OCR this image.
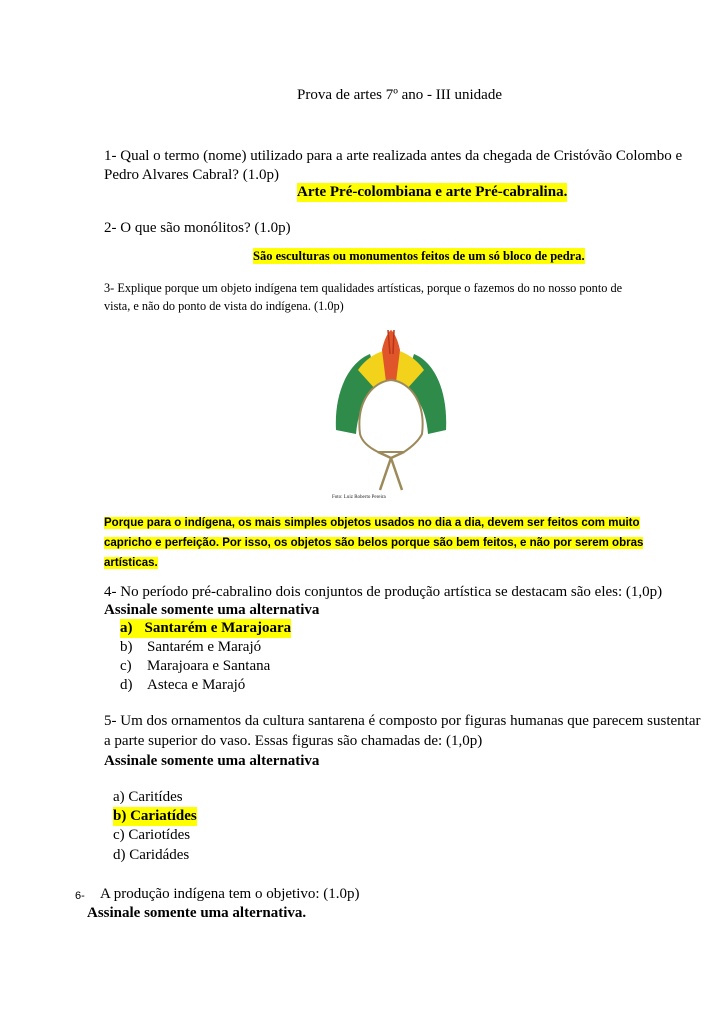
Prova de artes 7º ano - III unidade
1- Qual o termo (nome) utilizado para a arte realizada antes da chegada de Cristóvão Colombo e
Pedro Alvares Cabral? (1.0p)
Arte Pré-colombiana e arte Pré-cabralina.
2- O que são monólitos? (1.0p)
São esculturas ou monumentos feitos de um só bloco de pedra.
3- Explique porque um objeto indígena tem qualidades artísticas, porque o fazemos do no nosso ponto de
vista, e não do ponto de vista do indígena. (1.0p)
Foto: Luiz Roberto Pereira
Porque para o indígena, os mais simples objetos usados no dia a dia, devem ser feitos com muito
capricho e perfeição. Por isso, os objetos são belos porque são bem feitos, e não por serem obras
artísticas.
4- No período pré-cabralino dois conjuntos de produção artística se destacam são eles: (1,0p)
Assinale somente uma alternativa
a) Santarém e Marajoara
b) Santarém e Marajó
c) Marajoara e Santana
d) Asteca e Marajó
5- Um dos ornamentos da cultura santarena é composto por figuras humanas que parecem sustentar
a parte superior do vaso. Essas figuras são chamadas de: (1,0p)
Assinale somente uma alternativa
a) Caritídes
b) Cariatídes
c) Cariotídes
d) Caridádes
6- A produção indígena tem o objetivo: (1.0p)
Assinale somente uma alternativa.
